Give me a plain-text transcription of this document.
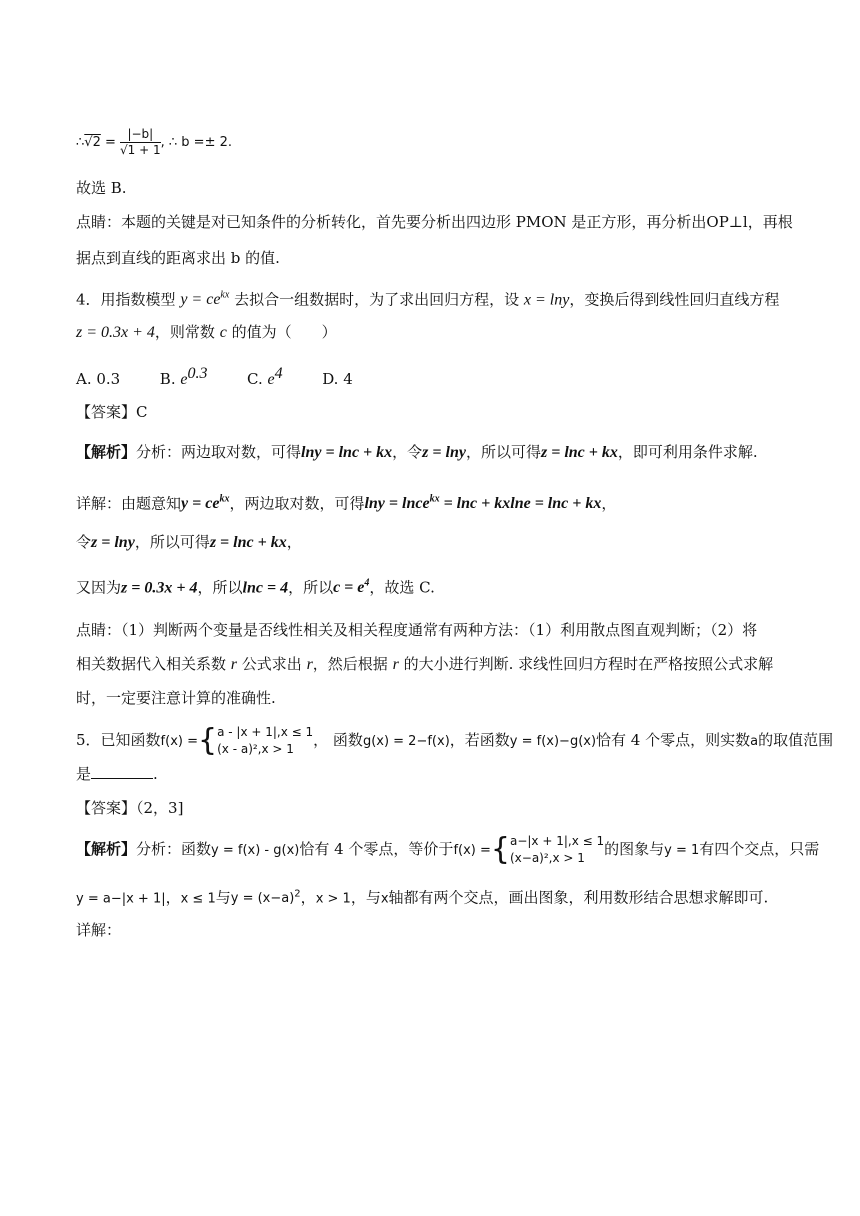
∴√2 = |−b|
√ 1 + 1 , ∴ b =± 2.
故选 B.
点睛：本题的关键是对已知条件的分析转化，首先要分析出四边形 PMON 是正方形，再分析出OP⊥l，再根
据点到直线的距离求出 b 的值.
4．用指数模型 $y = ce^{kx}$ 去拟合一组数据时，为了求出回归方程，设 x = lny，变换后得到线性回归直线方程
z = 0.3x + 4，则常数 c 的值为（　　）
A. 0.3	B. $e^{0.3}$	C. $e^4$	D. 4
【答案】C
【解析】分析：两边取对数，可得lny = lnc + kx，令z = lny，所以可得z = lnc + kx，即可利用条件求解.
详解：由题意知$y = ce^{kx}$，两边取对数，可得lny = lnce$^{kx}$ = lnc + kxlne = lnc + kx，
令z = lny，所以可得z = lnc + kx，
又因为z = 0.3x + 4，所以lnc = 4，所以$c = e^4$，故选 C.
点睛：（1）判断两个变量是否线性相关及相关程度通常有两种方法：（1）利用散点图直观判断；（2）将
相关数据代入相关系数 r 公式求出 r，然后根据 r 的大小进行判断. 求线性回归方程时在严格按照公式求解
时，一定要注意计算的准确性.
5．已知函数f(x) ={ a - |x + 1|,x ≤ 1
(x - a)²,x > 1	， 函数g(x) = 2−f(x)，若函数y = f(x)−g(x)恰有 4 个零点，则实数a的取值范围
是	.
【答案】（2，3]
【解析】分析：函数y = f(x) - g(x)恰有 4 个零点，等价于f(x) ={ a−|x + 1|,x ≤ 1
(x−a)²,x > 1	的图象与y = 1有四个交点，只需
y = a−|x + 1|，x ≤ 1与$y = (x-a)^2$，x > 1，与x轴都有两个交点，画出图象，利用数形结合思想求解即可.
详解：
